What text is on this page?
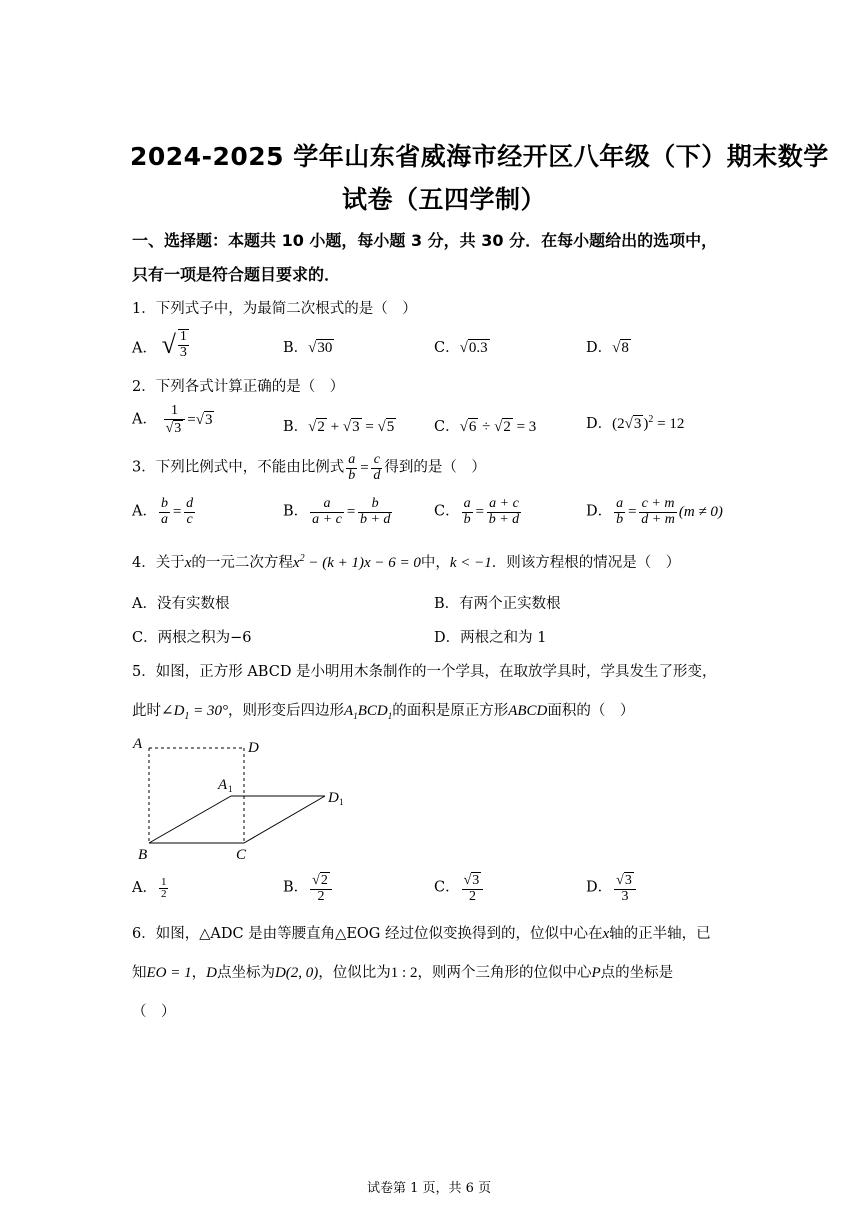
2024-2025 学年山东省威海市经开区八年级（下）期末数学
试卷（五四学制）
一、选择题：本题共 10 小题，每小题 3 分，共 30 分．在每小题给出的选项中，
只有一项是符合题目要求的．
1．下列式子中，为最简二次根式的是（　）
A． √ $\frac{1}{3}$	B．√30	C．√0.3	D．√8
2．下列各式计算正确的是（　）
A． $\frac{1}{√3} =√3$	B．√2 + √3 = √5	C．√6 ÷ √2 = 3	D．(2√3 )$^2$ = 12
3．下列比例式中，不能由比例式 $\frac{a}{b} = \frac{c}{d}$ 得到的是（　）
A． $\frac{b}{a} = \frac{d}{c}$	B． $\frac{a}{a + c} = \frac{b}{b + d}$	C． $\frac{a}{b} = \frac{a + c}{b + d}$	D． $\frac{a}{b} = \frac{c + m}{d + m} (m \ne 0)$
4．关于x的一元二次方程$x^2 - (k + 1)x - 6 = 0$中，k < −1．则该方程根的情况是（　）
A．没有实数根	B．有两个正实数根
C．两根之积为−6	D．两根之和为 1
5．如图，正方形 ABCD 是小明用木条制作的一个学具，在取放学具时，学具发生了形变，
此时$\angle D_1 = 30^\circ$，则形变后四边形$A_1BCD_1$的面积是原正方形ABCD面积的（　）
A	D
A 1
D 1
B	C
A． $\frac{1}{2}$	B． $\frac{√2}{2}$	C． $\frac{√3}{2}$	D． $\frac{√3}{3}$
6．如图，△ADC 是由等腰直角△EOG 经过位似变换得到的，位似中心在x轴的正半轴，已
知EO = 1，D点坐标为D(2, 0)，位似比为1 : 2，则两个三角形的位似中心P点的坐标是
（　）
试卷第 1 页，共 6 页
